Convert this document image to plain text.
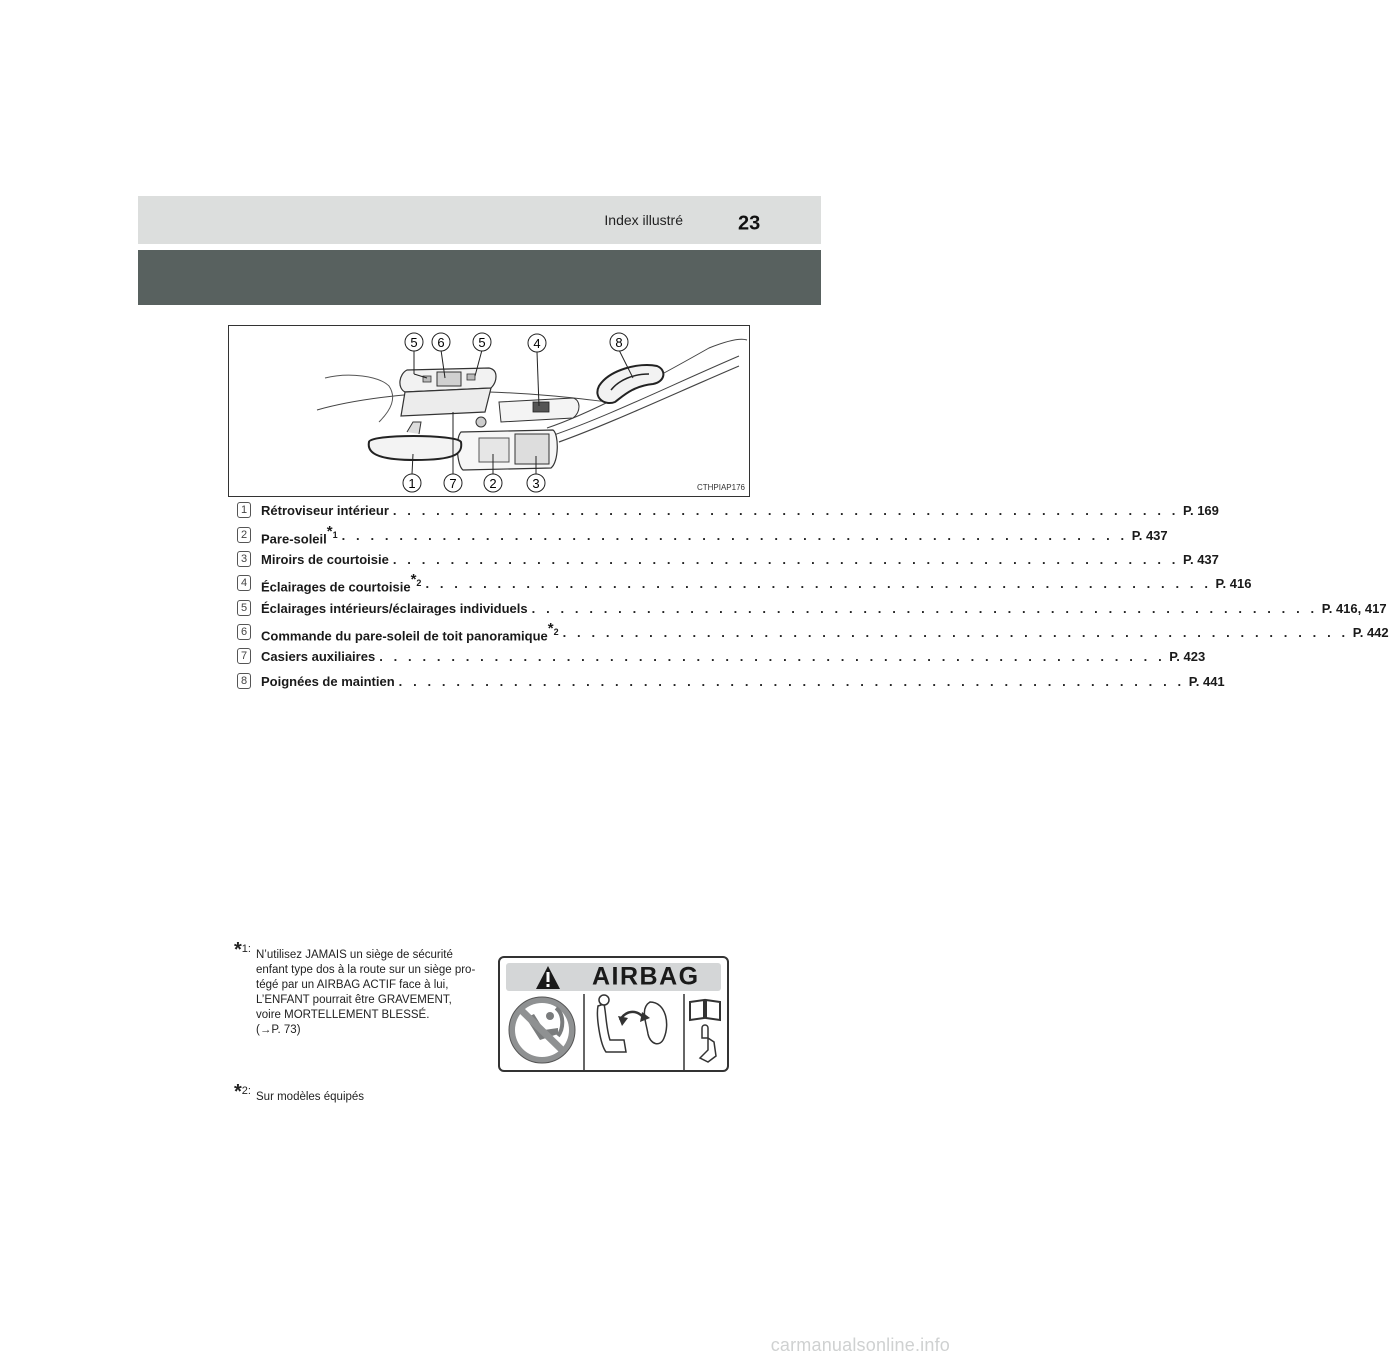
Index illustré	23
5 6	5	4	8
1	7	2	3	CTHPIAP176
1	Rétroviseur intérieur . . . . . . . . . . . . . . . . . . . . . . . . . . . . . . . . . . . . . . . . . . . . . . . . . . . . . . . P. 169
2	Pare-soleil$^{*1}$ . . . . . . . . . . . . . . . . . . . . . . . . . . . . . . . . . . . . . . . . . . . . . . . . . . . . . . . P. 437
3	Miroirs de courtoisie . . . . . . . . . . . . . . . . . . . . . . . . . . . . . . . . . . . . . . . . . . . . . . . . . . . . . . . P. 437
4	Éclairages de courtoisie$^{*2}$ . . . . . . . . . . . . . . . . . . . . . . . . . . . . . . . . . . . . . . . . . . . . . . . . . . . . . . . P. 416
5	Éclairages intérieurs/éclairages individuels . . . . . . . . . . . . . . . . . . . . . . . . . . . . . . . . . . . . . . . . . . . . . . . . . . . . . . . P. 416, 417
6	Commande du pare-soleil de toit panoramique$^{*2}$ . . . . . . . . . . . . . . . . . . . . . . . . . . . . . . . . . . . . . . . . . . . . . . . . . . . . . . . P. 442
7	Casiers auxiliaires . . . . . . . . . . . . . . . . . . . . . . . . . . . . . . . . . . . . . . . . . . . . . . . . . . . . . . . P. 423
8	Poignées de maintien . . . . . . . . . . . . . . . . . . . . . . . . . . . . . . . . . . . . . . . . . . . . . . . . . . . . . . . P. 441
*1: N’utilisez JAMAIS un siège de sécurité
enfant type dos à la route sur un siège pro-
tégé par un AIRBAG ACTIF face à lui,
L’ENFANT pourrait être GRAVEMENT,
voire MORTELLEMENT BLESSÉ.
(→P. 73)
AIRBAG
*2: Sur modèles équipés
carmanualsonline.info
